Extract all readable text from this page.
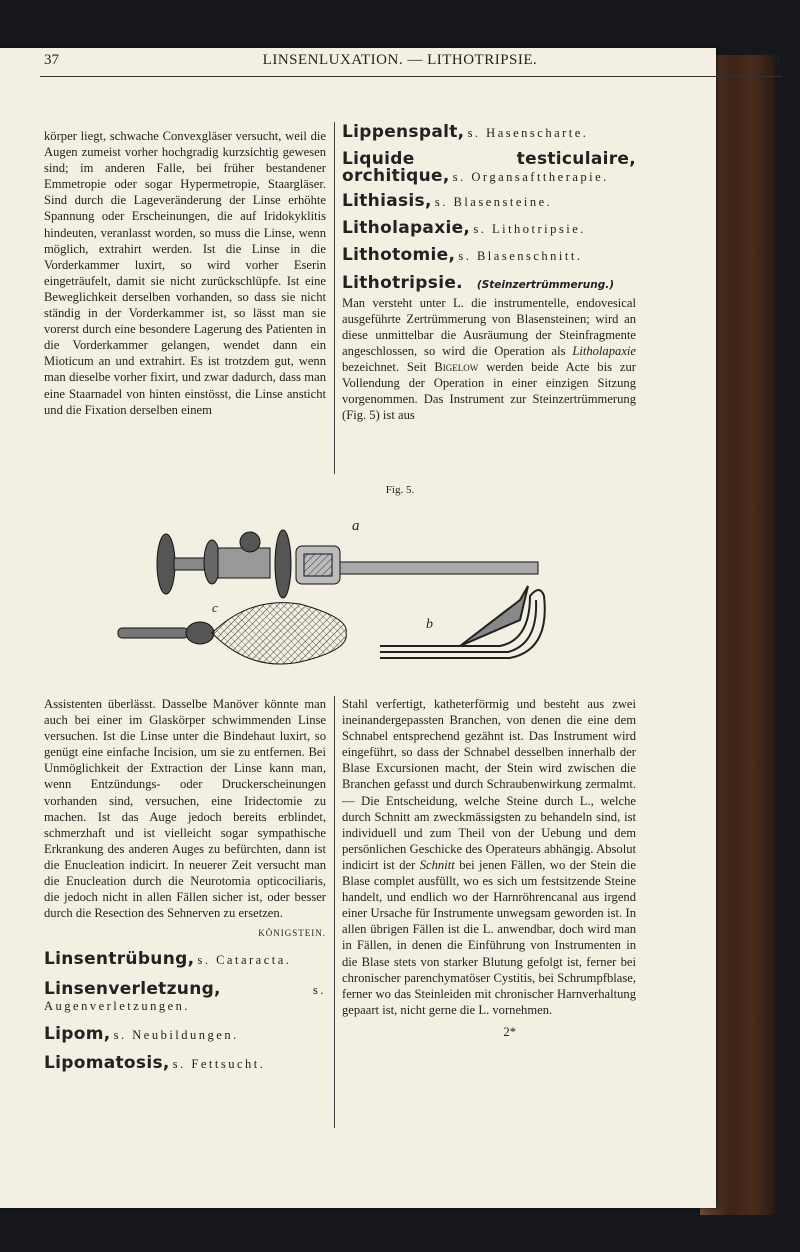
37	LINSENLUXATION. — LITHOTRIPSIE.	38

körper liegt, schwache Convexgläser versucht, weil die Augen zumeist vorher hochgradig kurzsichtig gewesen sind; im anderen Falle, bei früher bestandener Emmetropie oder sogar Hypermetropie, Staargläser. Sind durch die Lageveränderung der Linse erhöhte Spannung oder Erscheinungen, die auf Iridokyklitis hindeuten, veranlasst worden, so muss die Linse, wenn möglich, extrahirt werden. Ist die Linse in die Vorderkammer luxirt, so wird vorher Eserin eingeträufelt, damit sie nicht zurückschlüpfe. Ist eine Beweglichkeit derselben vorhanden, so dass sie nicht ständig in der Vorderkammer ist, so lässt man sie vorerst durch eine besondere Lagerung des Patienten in die Vorderkammer gelangen, wendet dann ein Mioticum an und extrahirt. Es ist trotzdem gut, wenn man dieselbe vorher fixirt, und zwar dadurch, dass man eine Staarnadel von hinten einstösst, die Linse ansticht und die Fixation derselben einem

Lippenspalt, s. Hasenscharte.
Liquide testiculaire, orchitique, s. Organsafttherapie.
Lithiasis, s. Blasensteine.
Litholapaxie, s. Lithotripsie.
Lithotomie, s. Blasenschnitt.
Lithotripsie. (Steinzertrümmerung.)

Man versteht unter L. die instrumentelle, endovesical ausgeführte Zertrümmerung von Blasensteinen; wird an diese unmittelbar die Ausräumung der Steinfragmente angeschlossen, so wird die Operation als Litholapaxie bezeichnet. Seit Bigelow werden beide Acte bis zur Vollendung der Operation in einer einzigen Sitzung vorgenommen. Das Instrument zur Steinzertrümmerung (Fig. 5) ist aus

Fig. 5.
a
c
b

Assistenten überlässt. Dasselbe Manöver könnte man auch bei einer im Glaskörper schwimmenden Linse versuchen. Ist die Linse unter die Bindehaut luxirt, so genügt eine einfache Incision, um sie zu entfernen. Bei Unmöglichkeit der Extraction der Linse kann man, wenn Entzündungs- oder Druckerscheinungen vorhanden sind, versuchen, eine Iridectomie zu machen. Ist das Auge jedoch bereits erblindet, schmerzhaft und ist vielleicht sogar sympathische Erkrankung des anderen Auges zu befürchten, dann ist die Enucleation indicirt. In neuerer Zeit versucht man die Enucleation durch die Neurotomia opticociliaris, die jedoch nicht in allen Fällen sicher ist, oder besser durch die Resection des Sehnerven zu ersetzen.
KÖNIGSTEIN.

Linsentrübung, s. Cataracta.
Linsenverletzung,	s. Augenverletzungen.
Lipom, s. Neubildungen.
Lipomatosis, s. Fettsucht.

Stahl verfertigt, katheterförmig und besteht aus zwei ineinandergepassten Branchen, von denen die eine dem Schnabel entsprechend gezähnt ist. Das Instrument wird eingeführt, so dass der Schnabel desselben innerhalb der Blase Excursionen macht, der Stein wird zwischen die Branchen gefasst und durch Schraubenwirkung zermalmt. — Die Entscheidung, welche Steine durch L., welche durch Schnitt am zweckmässigsten zu behandeln sind, ist individuell und zum Theil von der Uebung und dem persönlichen Geschicke des Operateurs abhängig. Absolut indicirt ist der Schnitt bei jenen Fällen, wo der Stein die Blase complet ausfüllt, wo es sich um festsitzende Steine handelt, und endlich wo der Harnröhrencanal aus irgend einer Ursache für Instrumente unwegsam geworden ist. In allen übrigen Fällen ist die L. anwendbar, doch wird man in Fällen, in denen die Einführung von Instrumenten in die Blase stets von starker Blutung gefolgt ist, ferner bei chronischer parenchymatöser Cystitis, bei Schrumpfblase, ferner wo das Steinleiden mit chronischer Harnverhaltung gepaart ist, nicht gerne die L. vornehmen.

2*
